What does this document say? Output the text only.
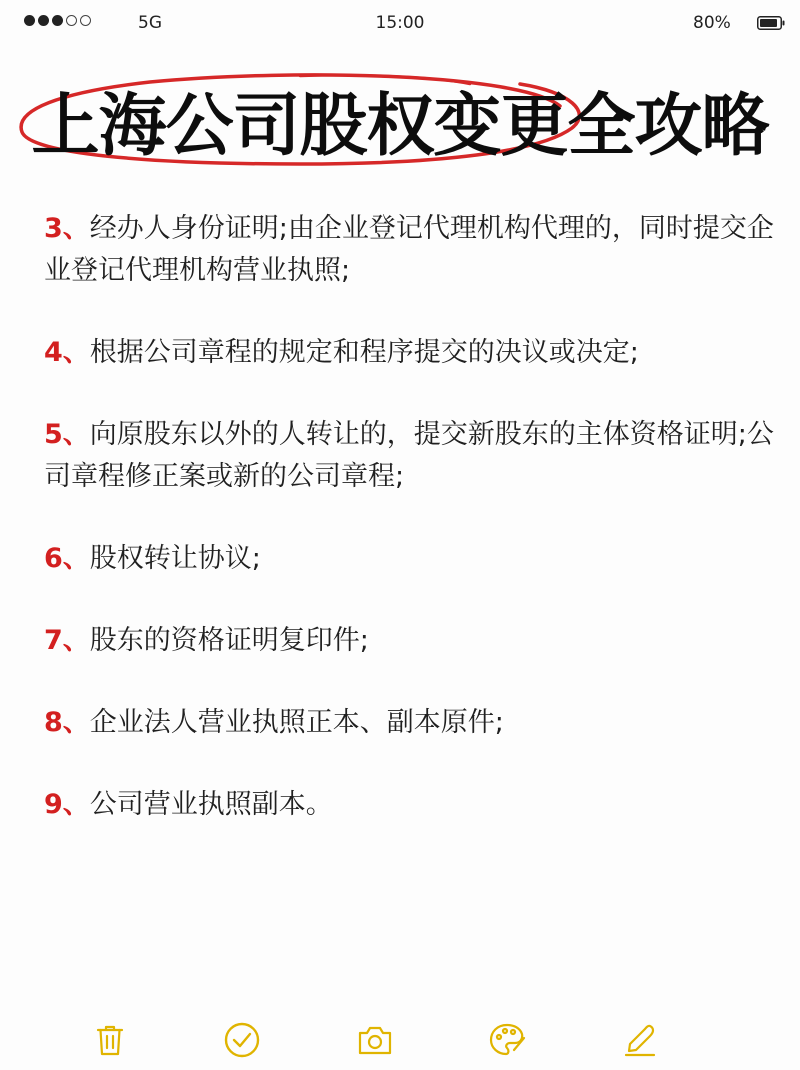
5G	15:00	80%
上海公司股权变更全攻略
3、经办人身份证明;由企业登记代理机构代理的，同时提交企业登记代理机构营业执照;
4、根据公司章程的规定和程序提交的决议或决定;
5、向原股东以外的人转让的，提交新股东的主体资格证明;公司章程修正案或新的公司章程;
6、股权转让协议;
7、股东的资格证明复印件;
8、企业法人营业执照正本、副本原件;
9、公司营业执照副本。
